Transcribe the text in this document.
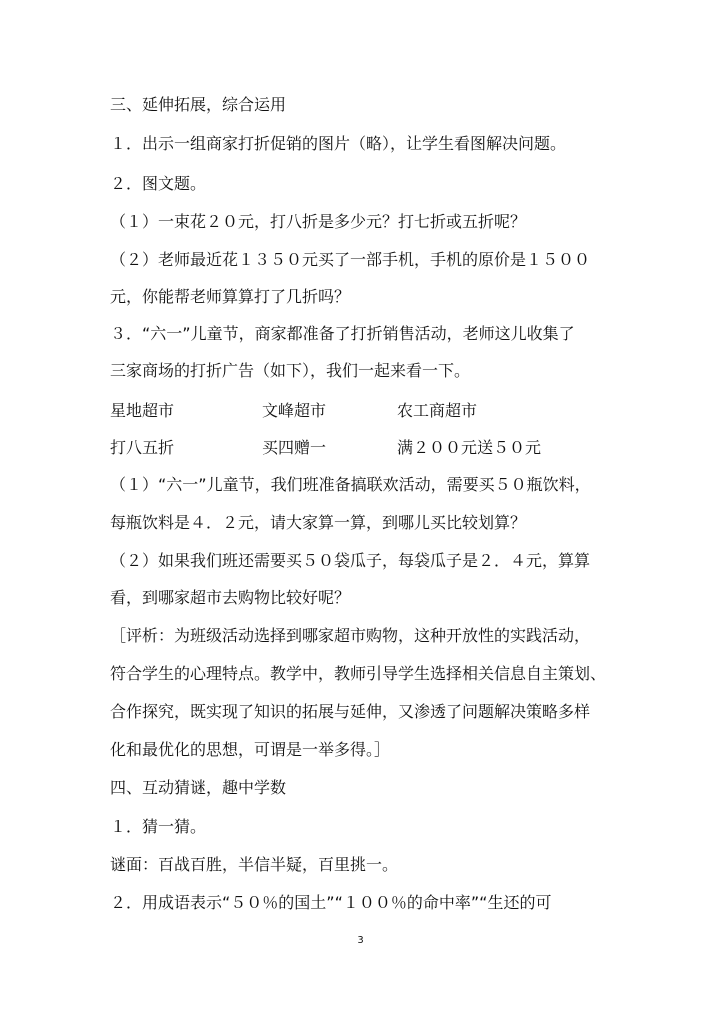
三、延伸拓展，综合运用
１．出示一组商家打折促销的图片（略），让学生看图解决问题。
２．图文题。
（１）一束花２０元，打八折是多少元？打七折或五折呢？
（２）老师最近花１３５０元买了一部手机，手机的原价是１５００
元，你能帮老师算算打了几折吗？
３．“六一”儿童节，商家都准备了打折销售活动，老师这儿收集了
三家商场的打折广告（如下），我们一起来看一下。
星地超市	文峰超市	农工商超市
打八五折	买四赠一	满２００元送５０元
（１）“六一”儿童节，我们班准备搞联欢活动，需要买５０瓶饮料，
每瓶饮料是４．２元，请大家算一算，到哪儿买比较划算？
（２）如果我们班还需要买５０袋瓜子，每袋瓜子是２．４元，算算
看，到哪家超市去购物比较好呢？
［评析：为班级活动选择到哪家超市购物，这种开放性的实践活动，
符合学生的心理特点。教学中，教师引导学生选择相关信息自主策划、
合作探究，既实现了知识的拓展与延伸，又渗透了问题解决策略多样
化和最优化的思想，可谓是一举多得。］
四、互动猜谜，趣中学数
１．猜一猜。
谜面：百战百胜，半信半疑，百里挑一。
２．用成语表示“５０％的国土”“１００％的命中率”“生还的可
3
